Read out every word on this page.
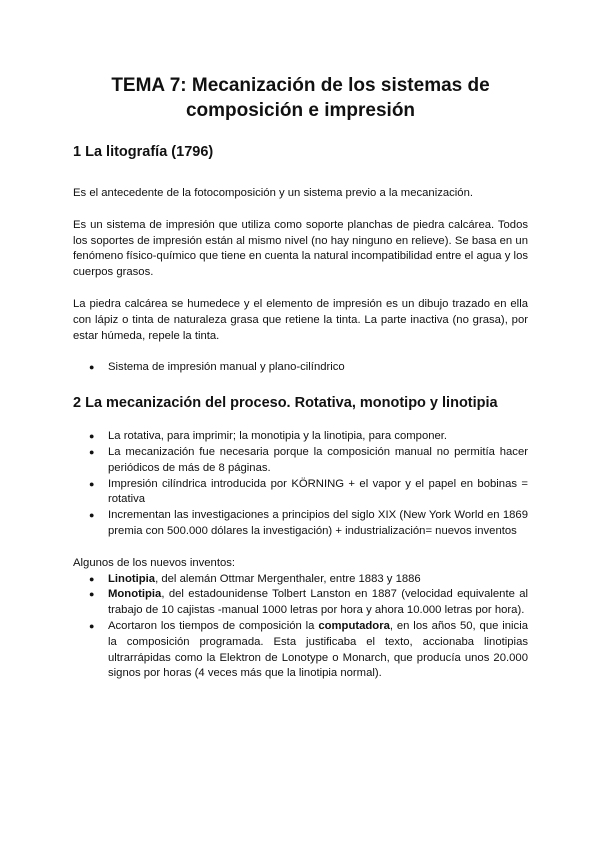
TEMA 7: Mecanización de los sistemas de
composición e impresión
1 La litografía (1796)

Es el antecedente de la fotocomposición y un sistema previo a la mecanización.

Es un sistema de impresión que utiliza como soporte planchas de piedra calcárea. Todos los soportes de impresión están al mismo nivel (no hay ninguno en relieve). Se basa en un fenómeno físico-químico que tiene en cuenta la natural incompatibilidad entre el agua y los cuerpos grasos.

La piedra calcárea se humedece y el elemento de impresión es un dibujo trazado en ella con lápiz o tinta de naturaleza grasa que retiene la tinta. La parte inactiva (no grasa), por estar húmeda, repele la tinta.

● Sistema de impresión manual y plano-cilíndrico
2 La mecanización del proceso. Rotativa, monotipo y linotipia
● La rotativa, para imprimir; la monotipia y la linotipia, para componer.
● La mecanización fue necesaria porque la composición manual no permitía hacer periódicos de más de 8 páginas.
● Impresión cilíndrica introducida por KÖRNING + el vapor y el papel en bobinas = rotativa
● Incrementan las investigaciones a principios del siglo XIX (New York World en 1869 premia con 500.000 dólares la investigación) + industrialización= nuevos inventos

Algunos de los nuevos inventos:

● Linotipia, del alemán Ottmar Mergenthaler, entre 1883 y 1886
● Monotipia, del estadounidense Tolbert Lanston en 1887 (velocidad equivalente al trabajo de 10 cajistas -manual 1000 letras por hora y ahora 10.000 letras por hora).
● Acortaron los tiempos de composición la computadora, en los años 50, que inicia la composición programada. Esta justificaba el texto, accionaba linotipias ultrarrápidas como la Elektron de Lonotype o Monarch, que producía unos 20.000 signos por horas (4 veces más que la linotipia normal).
